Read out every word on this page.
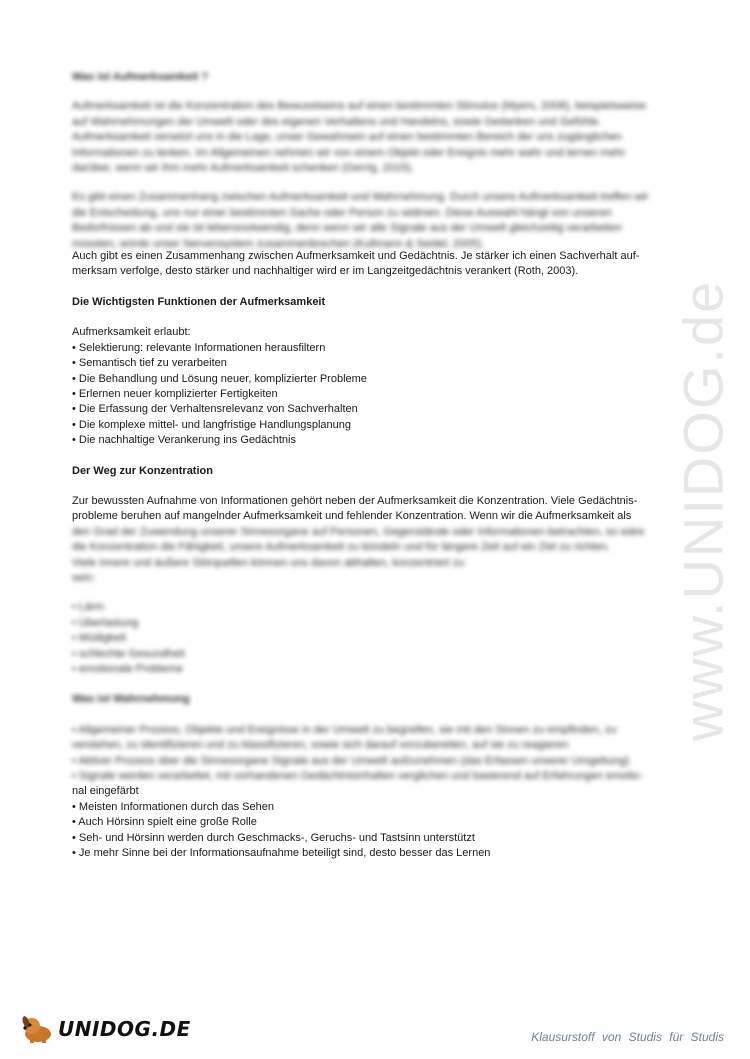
www.UNIDOG.de

Was ist Aufmerksamkeit ?

Aufmerksamkeit ist die Konzentration des Bewusstseins auf einen bestimmten Stimulus (Myers, 2008), beispielsweise auf Wahrnehmungen der Umwelt oder des eigenen Verhaltens und Handelns, sowie Gedanken und Gefühle. Aufmerksamkeit versetzt uns in die Lage, unser Gewahrsein auf einen bestimmten Bereich der uns zugänglichen Informationen zu lenken. Im Allgemeinen nehmen wir von einem Objekt oder Ereignis mehr wahr und lernen mehr darüber, wenn wir ihm mehr Aufmerksamkeit schenken (Gerrig, 2015).

Es gibt einen Zusammenhang zwischen Aufmerksamkeit und Wahrnehmung. Durch unsere Aufmerksamkeit treffen wir die Entscheidung, uns nur einer bestimmten Sache oder Person zu widmen. Diese Auswahl hängt von unseren Bedürfnissen ab und sie ist lebensnotwendig, denn wenn wir alle Signale aus der Umwelt gleichzeitig verarbeiten müssten, würde unser Nervensystem zusammenbrechen (Kullmann & Seidel, 2005).

Auch gibt es einen Zusammenhang zwischen Aufmerksamkeit und Gedächtnis. Je stärker ich einen Sachverhalt auf-

merksam verfolge, desto stärker und nachhaltiger wird er im Langzeitgedächtnis verankert (Roth, 2003).

Die Wichtigsten Funktionen der Aufmerksamkeit

Aufmerksamkeit erlaubt:

• Selektierung: relevante Informationen herausfiltern

• Semantisch tief zu verarbeiten

• Die Behandlung und Lösung neuer, komplizierter Probleme

• Erlernen neuer komplizierter Fertigkeiten

• Die Erfassung der Verhaltensrelevanz von Sachverhalten

• Die komplexe mittel- und langfristige Handlungsplanung

• Die nachhaltige Verankerung ins Gedächtnis

Der Weg zur Konzentration

Zur bewussten Aufnahme von Informationen gehört neben der Aufmerksamkeit die Konzentration. Viele Gedächtnis-

probleme beruhen auf mangelnder Aufmerksamkeit und fehlender Konzentration. Wenn wir die Aufmerksamkeit als

den Grad der Zuwendung unserer Sinnesorgane auf Personen, Gegenstände oder Informationen betrachten, so wäre

die Konzentration die Fähigkeit, unsere Aufmerksamkeit zu bündeln und für längere Zeit auf ein Ziel zu richten.

Viele innere und äußere Störquellen können uns davon abhalten, konzentriert zu

sein:

• Lärm

• Überlastung

• Müdigkeit

• schlechte Gesundheit

• emotionale Probleme

Was ist Wahrnehmung

• Allgemeiner Prozess, Objekte und Ereignisse in der Umwelt zu begreifen, sie mit den Sinnen zu empfinden, zu verstehen, zu identifizieren und zu klassifizieren, sowie sich darauf vorzubereiten, auf sie zu reagieren

• Aktiver Prozess über die Sinnesorgane Signale aus der Umwelt aufzunehmen (das Erfassen unserer Umgebung)

• Signale werden verarbeitet, mit vorhandenen Gedächtnisinhalten verglichen und basierend auf Erfahrungen emotio-

nal eingefärbt

• Meisten Informationen durch das Sehen

• Auch Hörsinn spielt eine große Rolle

• Seh- und Hörsinn werden durch Geschmacks-, Geruchs- und Tastsinn unterstützt

• Je mehr Sinne bei der Informationsaufnahme beteiligt sind, desto besser das Lernen

UNIDOG.DE	Klausurstoff von Studis für Studis
